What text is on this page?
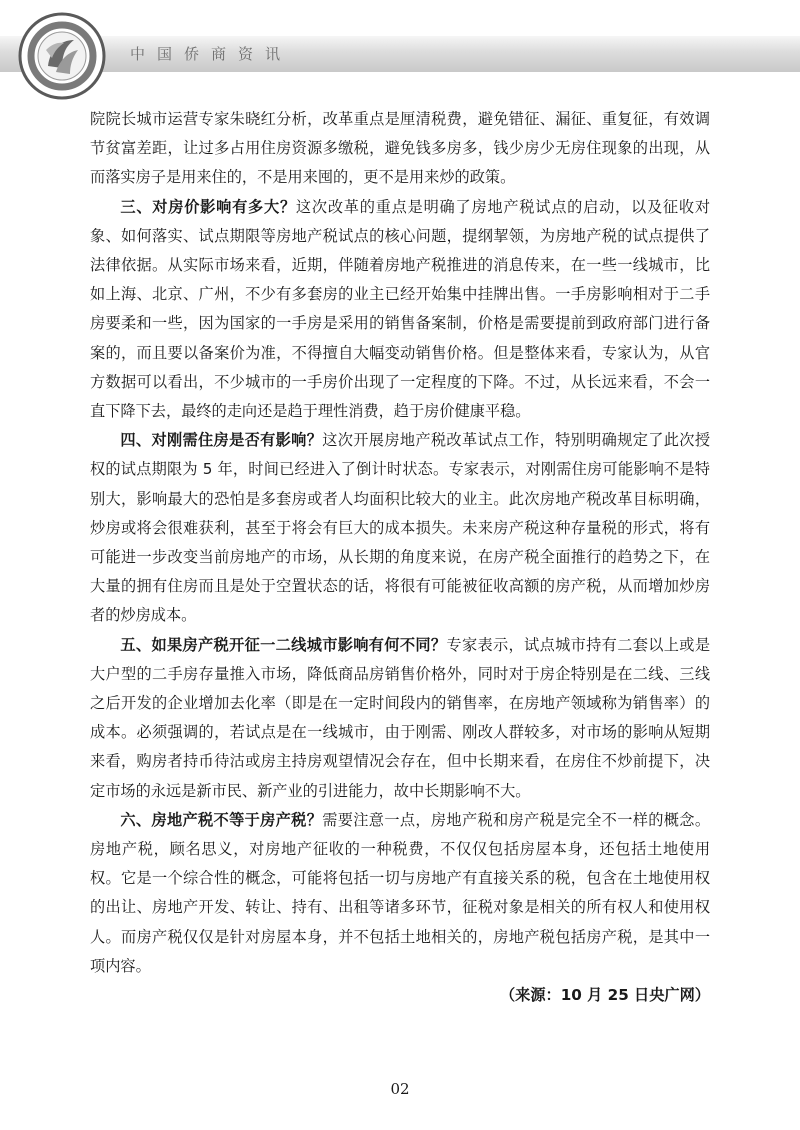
中国侨商资讯

院院长城市运营专家朱晓红分析，改革重点是厘清税费，避免错征、漏征、重复征，有效调节贫富差距，让过多占用住房资源多缴税，避免钱多房多，钱少房少无房住现象的出现，从而落实房子是用来住的，不是用来囤的，更不是用来炒的政策。

三、对房价影响有多大？这次改革的重点是明确了房地产税试点的启动，以及征收对象、如何落实、试点期限等房地产税试点的核心问题，提纲挈领，为房地产税的试点提供了法律依据。从实际市场来看，近期，伴随着房地产税推进的消息传来，在一些一线城市，比如上海、北京、广州，不少有多套房的业主已经开始集中挂牌出售。一手房影响相对于二手房要柔和一些，因为国家的一手房是采用的销售备案制，价格是需要提前到政府部门进行备案的，而且要以备案价为准，不得擅自大幅变动销售价格。但是整体来看，专家认为，从官方数据可以看出，不少城市的一手房价出现了一定程度的下降。不过，从长远来看，不会一直下降下去，最终的走向还是趋于理性消费，趋于房价健康平稳。

四、对刚需住房是否有影响？这次开展房地产税改革试点工作，特别明确规定了此次授权的试点期限为 5 年，时间已经进入了倒计时状态。专家表示，对刚需住房可能影响不是特别大，影响最大的恐怕是多套房或者人均面积比较大的业主。此次房地产税改革目标明确，炒房或将会很难获利，甚至于将会有巨大的成本损失。未来房产税这种存量税的形式，将有可能进一步改变当前房地产的市场，从长期的角度来说，在房产税全面推行的趋势之下，在大量的拥有住房而且是处于空置状态的话，将很有可能被征收高额的房产税，从而增加炒房者的炒房成本。

五、如果房产税开征一二线城市影响有何不同？专家表示，试点城市持有二套以上或是大户型的二手房存量推入市场，降低商品房销售价格外，同时对于房企特别是在二线、三线之后开发的企业增加去化率（即是在一定时间段内的销售率，在房地产领域称为销售率）的成本。必须强调的，若试点是在一线城市，由于刚需、刚改人群较多，对市场的影响从短期来看，购房者持币待沽或房主持房观望情况会存在，但中长期来看，在房住不炒前提下，决定市场的永远是新市民、新产业的引进能力，故中长期影响不大。

六、房地产税不等于房产税？需要注意一点，房地产税和房产税是完全不一样的概念。房地产税，顾名思义，对房地产征收的一种税费，不仅仅包括房屋本身，还包括土地使用权。它是一个综合性的概念，可能将包括一切与房地产有直接关系的税，包含在土地使用权的出让、房地产开发、转让、持有、出租等诸多环节，征税对象是相关的所有权人和使用权人。而房产税仅仅是针对房屋本身，并不包括土地相关的，房地产税包括房产税，是其中一项内容。

（来源：10 月 25 日央广网）

02
